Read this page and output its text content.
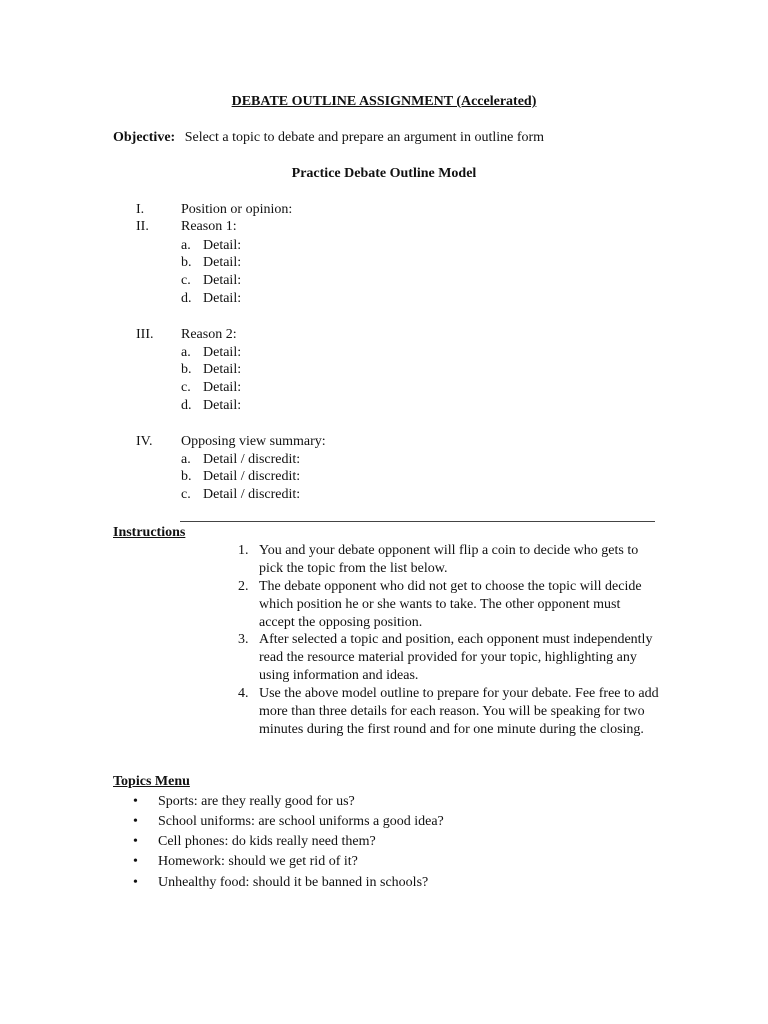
DEBATE OUTLINE ASSIGNMENT (Accelerated)
Objective: Select a topic to debate and prepare an argument in outline form
Practice Debate Outline Model
I.	Position or opinion:
II. Reason 1:
a. Detail:
b. Detail:
c. Detail:
d. Detail:
III. Reason 2:
a. Detail:
b. Detail:
c. Detail:
d. Detail:
IV. Opposing view summary:
a. Detail / discredit:
b. Detail / discredit:
c. Detail / discredit:
Instructions
1. You and your debate opponent will flip a coin to decide who gets to pick the topic from the list below.
2. The debate opponent who did not get to choose the topic will decide which position he or she wants to take. The other opponent must accept the opposing position.
3. After selected a topic and position, each opponent must independently read the resource material provided for your topic, highlighting any using information and ideas.
4. Use the above model outline to prepare for your debate. Fee free to add more than three details for each reason. You will be speaking for two minutes during the first round and for one minute during the closing.
Topics Menu
• Sports: are they really good for us?
• School uniforms: are school uniforms a good idea?
• Cell phones: do kids really need them?
• Homework: should we get rid of it?
• Unhealthy food: should it be banned in schools?
